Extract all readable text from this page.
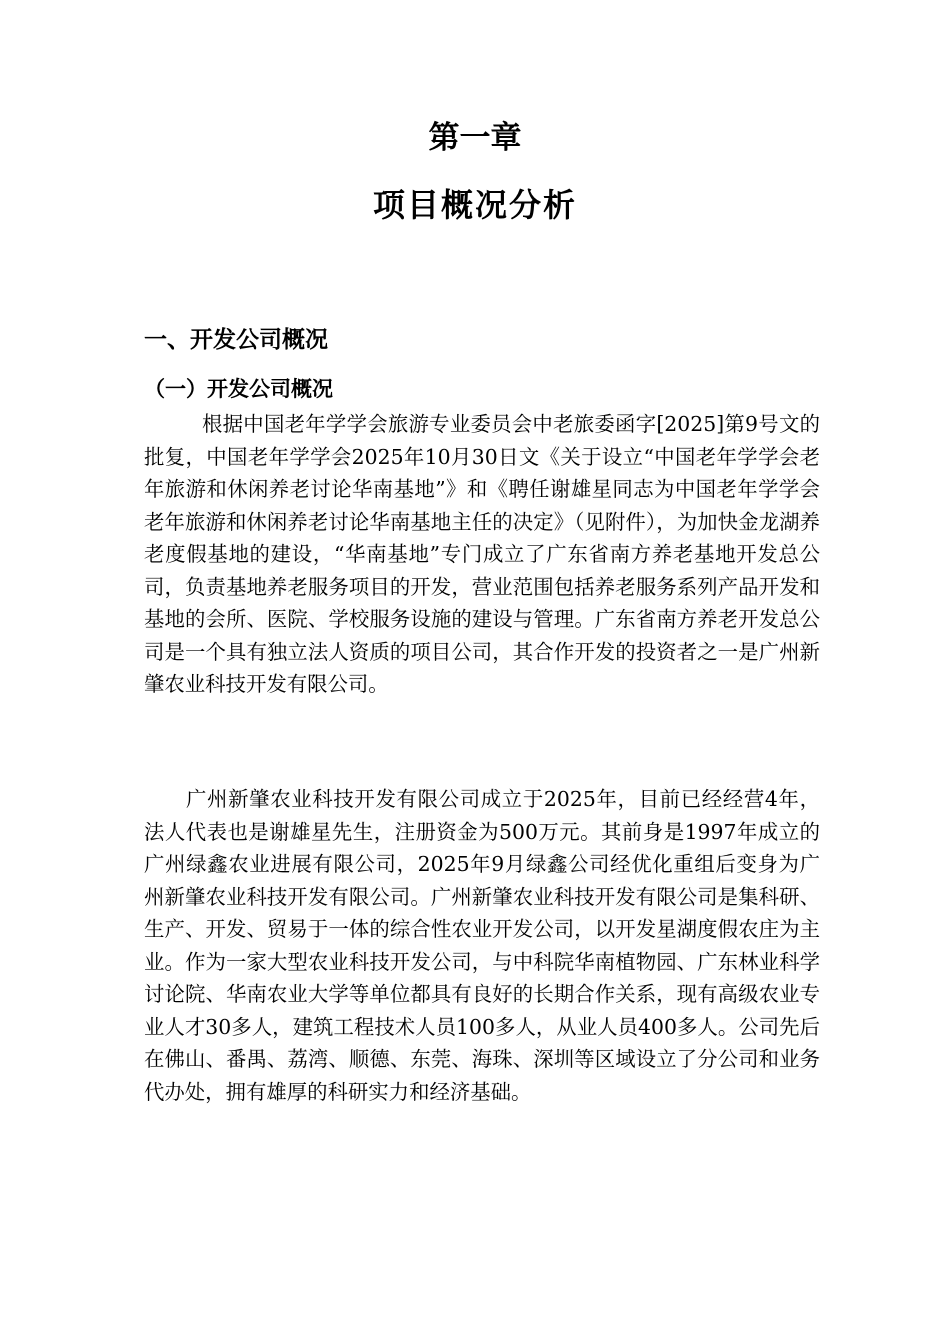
第一章
项目概况分析
一、开发公司概况
（一）开发公司概况

根据中国老年学学会旅游专业委员会中老旅委函字[2025]第9号文的批复，中国老年学学会2025年10月30日文《关于设立“中国老年学学会老年旅游和休闲养老讨论华南基地”》和《聘任谢雄星同志为中国老年学学会老年旅游和休闲养老讨论华南基地主任的决定》（见附件），为加快金龙湖养老度假基地的建设，“华南基地”专门成立了广东省南方养老基地开发总公司，负责基地养老服务项目的开发，营业范围包括养老服务系列产品开发和基地的会所、医院、学校服务设施的建设与管理。广东省南方养老开发总公司是一个具有独立法人资质的项目公司，其合作开发的投资者之一是广州新肇农业科技开发有限公司。

广州新肇农业科技开发有限公司成立于2025年，目前已经经营4年，法人代表也是谢雄星先生，注册资金为500万元。其前身是1997年成立的广州绿鑫农业进展有限公司，2025年9月绿鑫公司经优化重组后变身为广州新肇农业科技开发有限公司。广州新肇农业科技开发有限公司是集科研、生产、开发、贸易于一体的综合性农业开发公司，以开发星湖度假农庄为主业。作为一家大型农业科技开发公司，与中科院华南植物园、广东林业科学讨论院、华南农业大学等单位都具有良好的长期合作关系，现有高级农业专业人才30多人，建筑工程技术人员100多人，从业人员400多人。公司先后在佛山、番禺、荔湾、顺德、东莞、海珠、深圳等区域设立了分公司和业务代办处，拥有雄厚的科研实力和经济基础。
